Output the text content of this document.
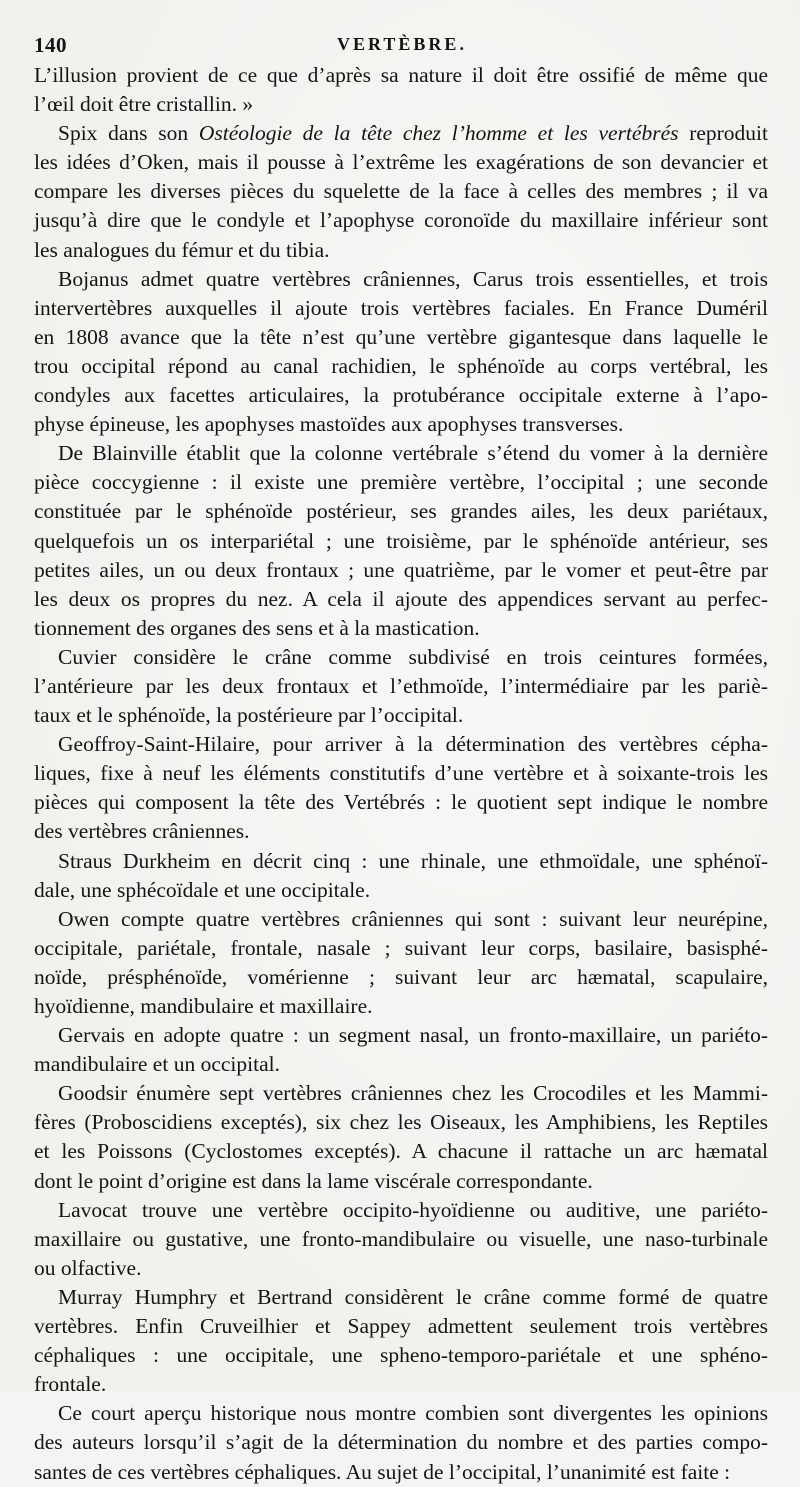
140	VERTÈBRE.
L’illusion provient de ce que d’après sa nature il doit être ossifié de même que
l’œil doit être cristallin. »
Spix dans son Ostéologie de la tête chez l’homme et les vertébrés reproduit
les idées d’Oken, mais il pousse à l’extrême les exagérations de son devancier et
compare les diverses pièces du squelette de la face à celles des membres ; il va
jusqu’à dire que le condyle et l’apophyse coronoïde du maxillaire inférieur sont
les analogues du fémur et du tibia.
Bojanus admet quatre vertèbres crâniennes, Carus trois essentielles, et trois
intervertèbres auxquelles il ajoute trois vertèbres faciales. En France Duméril
en 1808 avance que la tête n’est qu’une vertèbre gigantesque dans laquelle le
trou occipital répond au canal rachidien, le sphénoïde au corps vertébral, les
condyles aux facettes articulaires, la protubérance occipitale externe à l’apo-
physe épineuse, les apophyses mastoïdes aux apophyses transverses.
De Blainville établit que la colonne vertébrale s’étend du vomer à la dernière
pièce coccygienne : il existe une première vertèbre, l’occipital ; une seconde
constituée par le sphénoïde postérieur, ses grandes ailes, les deux pariétaux,
quelquefois un os interpariétal ; une troisième, par le sphénoïde antérieur, ses
petites ailes, un ou deux frontaux ; une quatrième, par le vomer et peut-être par
les deux os propres du nez. A cela il ajoute des appendices servant au perfec-
tionnement des organes des sens et à la mastication.
Cuvier considère le crâne comme subdivisé en trois ceintures formées,
l’antérieure par les deux frontaux et l’ethmoïde, l’intermédiaire par les pariè-
taux et le sphénoïde, la postérieure par l’occipital.
Geoffroy-Saint-Hilaire, pour arriver à la détermination des vertèbres cépha-
liques, fixe à neuf les éléments constitutifs d’une vertèbre et à soixante-trois les
pièces qui composent la tête des Vertébrés : le quotient sept indique le nombre
des vertèbres crâniennes.
Straus Durkheim en décrit cinq : une rhinale, une ethmoïdale, une sphénoï-
dale, une sphécoïdale et une occipitale.
Owen compte quatre vertèbres crâniennes qui sont : suivant leur neurépine,
occipitale, pariétale, frontale, nasale ; suivant leur corps, basilaire, basisphé-
noïde, présphénoïde, vomérienne ; suivant leur arc hæmatal, scapulaire,
hyoïdienne, mandibulaire et maxillaire.
Gervais en adopte quatre : un segment nasal, un fronto-maxillaire, un pariéto-
mandibulaire et un occipital.
Goodsir énumère sept vertèbres crâniennes chez les Crocodiles et les Mammi-
fères (Proboscidiens exceptés), six chez les Oiseaux, les Amphibiens, les Reptiles
et les Poissons (Cyclostomes exceptés). A chacune il rattache un arc hæmatal
dont le point d’origine est dans la lame viscérale correspondante.
Lavocat trouve une vertèbre occipito-hyoïdienne ou auditive, une pariéto-
maxillaire ou gustative, une fronto-mandibulaire ou visuelle, une naso-turbinale
ou olfactive.
Murray Humphry et Bertrand considèrent le crâne comme formé de quatre
vertèbres. Enfin Cruveilhier et Sappey admettent seulement trois vertèbres
céphaliques : une occipitale, une spheno-temporo-pariétale et une sphéno-
frontale.
Ce court aperçu historique nous montre combien sont divergentes les opinions
des auteurs lorsqu’il s’agit de la détermination du nombre et des parties compo-
santes de ces vertèbres céphaliques. Au sujet de l’occipital, l’unanimité est faite :
